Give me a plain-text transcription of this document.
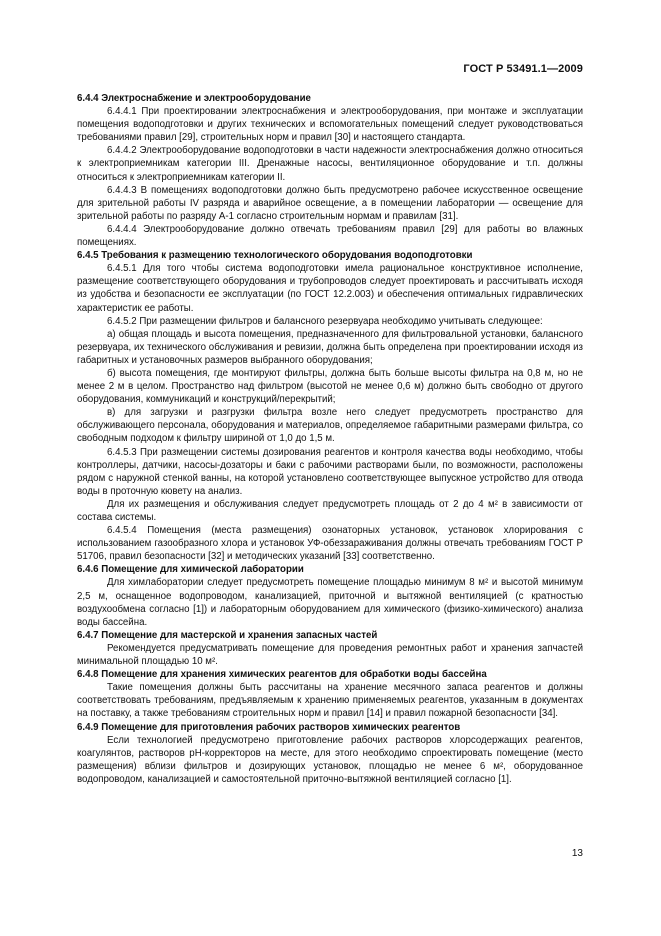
ГОСТ Р 53491.1—2009
6.4.4 Электроснабжение и электрооборудование

6.4.4.1 При проектировании электроснабжения и электрооборудования, при монтаже и эксплуатации помещения водоподготовки и других технических и вспомогательных помещений следует руководствоваться требованиями правил [29], строительных норм и правил [30] и настоящего стандарта.

6.4.4.2 Электрооборудование водоподготовки в части надежности электроснабжения должно относиться к электроприемникам категории III. Дренажные насосы, вентиляционное оборудование и т.п. должны относиться к электроприемникам категории II.

6.4.4.3 В помещениях водоподготовки должно быть предусмотрено рабочее искусственное освещение для зрительной работы IV разряда и аварийное освещение, а в помещении лаборатории — освещение для зрительной работы по разряду А-1 согласно строительным нормам и правилам [31].

6.4.4.4 Электрооборудование должно отвечать требованиям правил [29] для работы во влажных помещениях.

6.4.5 Требования к размещению технологического оборудования водоподготовки

6.4.5.1 Для того чтобы система водоподготовки имела рациональное конструктивное исполнение, размещение соответствующего оборудования и трубопроводов следует проектировать и рассчитывать исходя из удобства и безопасности ее эксплуатации (по ГОСТ 12.2.003) и обеспечения оптимальных гидравлических характеристик ее работы.

6.4.5.2 При размещении фильтров и балансного резервуара необходимо учитывать следующее:

а) общая площадь и высота помещения, предназначенного для фильтровальной установки, балансного резервуара, их технического обслуживания и ревизии, должна быть определена при проектировании исходя из габаритных и установочных размеров выбранного оборудования;

б) высота помещения, где монтируют фильтры, должна быть больше высоты фильтра на 0,8 м, но не менее 2 м в целом. Пространство над фильтром (высотой не менее 0,6 м) должно быть свободно от другого оборудования, коммуникаций и конструкций/перекрытий;

в) для загрузки и разгрузки фильтра возле него следует предусмотреть пространство для обслуживающего персонала, оборудования и материалов, определяемое габаритными размерами фильтра, со свободным подходом к фильтру шириной от 1,0 до 1,5 м.

6.4.5.3 При размещении системы дозирования реагентов и контроля качества воды необходимо, чтобы контроллеры, датчики, насосы-дозаторы и баки с рабочими растворами были, по возможности, расположены рядом с наружной стенкой ванны, на которой установлено соответствующее выпускное устройство для отвода воды в проточную кювету на анализ.

Для их размещения и обслуживания следует предусмотреть площадь от 2 до 4 м² в зависимости от состава системы.

6.4.5.4 Помещения (места размещения) озонаторных установок, установок хлорирования с использованием газообразного хлора и установок УФ-обеззараживания должны отвечать требованиям ГОСТ Р 51706, правил безопасности [32] и методических указаний [33] соответственно.

6.4.6 Помещение для химической лаборатории

Для химлаборатории следует предусмотреть помещение площадью минимум 8 м² и высотой минимум 2,5 м, оснащенное водопроводом, канализацией, приточной и вытяжной вентиляцией (с кратностью воздухообмена согласно [1]) и лабораторным оборудованием для химического (физико-химического) анализа воды бассейна.

6.4.7 Помещение для мастерской и хранения запасных частей

Рекомендуется предусматривать помещение для проведения ремонтных работ и хранения запчастей минимальной площадью 10 м².

6.4.8 Помещение для хранения химических реагентов для обработки воды бассейна

Такие помещения должны быть рассчитаны на хранение месячного запаса реагентов и должны соответствовать требованиям, предъявляемым к хранению применяемых реагентов, указанным в документах на поставку, а также требованиям строительных норм и правил [14] и правил пожарной безопасности [34].

6.4.9 Помещение для приготовления рабочих растворов химических реагентов

Если технологией предусмотрено приготовление рабочих растворов хлорсодержащих реагентов, коагулянтов, растворов pH-корректоров на месте, для этого необходимо спроектировать помещение (место размещения) вблизи фильтров и дозирующих установок, площадью не менее 6 м², оборудованное водопроводом, канализацией и самостоятельной приточно-вытяжной вентиляцией согласно [1].

13
